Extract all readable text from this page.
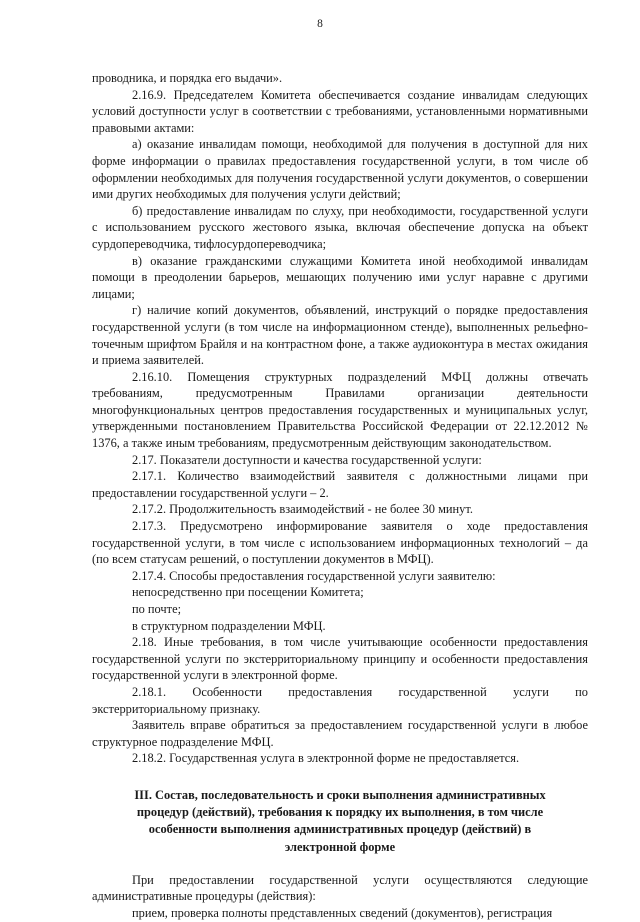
8

проводника, и порядка его выдачи».

2.16.9. Председателем Комитета обеспечивается создание инвалидам следующих условий доступности услуг в соответствии с требованиями, установленными нормативными правовыми актами:

а) оказание инвалидам помощи, необходимой для получения в доступной для них форме информации о правилах предоставления государственной услуги, в том числе об оформлении необходимых для получения государственной услуги документов, о совершении ими других необходимых для получения услуги действий;

б) предоставление инвалидам по слуху, при необходимости, государственной услуги с использованием русского жестового языка, включая обеспечение допуска на объект сурдопереводчика, тифлосурдопереводчика;

в) оказание гражданскими служащими Комитета иной необходимой инвалидам помощи в преодолении барьеров, мешающих получению ими услуг наравне с другими лицами;

г) наличие копий документов, объявлений, инструкций о порядке предоставления государственной услуги (в том числе на информационном стенде), выполненных рельефно-точечным шрифтом Брайля и на контрастном фоне, а также аудиоконтура в местах ожидания и приема заявителей.

2.16.10. Помещения структурных подразделений МФЦ должны отвечать требованиям, предусмотренным Правилами организации деятельности многофункциональных центров предоставления государственных и муниципальных услуг, утвержденными постановлением Правительства Российской Федерации от 22.12.2012 № 1376, а также иным требованиям, предусмотренным действующим законодательством.

2.17. Показатели доступности и качества государственной услуги:

2.17.1. Количество взаимодействий заявителя с должностными лицами при предоставлении государственной услуги – 2.

2.17.2. Продолжительность взаимодействий - не более 30 минут.

2.17.3. Предусмотрено информирование заявителя о ходе предоставления государственной услуги, в том числе с использованием информационных технологий – да (по всем статусам решений, о поступлении документов в МФЦ).

2.17.4. Способы предоставления государственной услуги заявителю:

непосредственно при посещении Комитета;

по почте;

в структурном подразделении МФЦ.

2.18. Иные требования, в том числе учитывающие особенности предоставления государственной услуги по экстерриториальному принципу и особенности предоставления государственной услуги в электронной форме.

2.18.1. Особенности предоставления государственной услуги по экстерриториальному признаку.

Заявитель вправе обратиться за предоставлением государственной услуги в любое структурное подразделение МФЦ.

2.18.2. Государственная услуга в электронной форме не предоставляется.

III. Состав, последовательность и сроки выполнения административных процедур (действий), требования к порядку их выполнения, в том числе особенности выполнения административных процедур (действий) в электронной форме

При предоставлении государственной услуги осуществляются следующие административные процедуры (действия):

прием, проверка полноты представленных сведений (документов), регистрация
